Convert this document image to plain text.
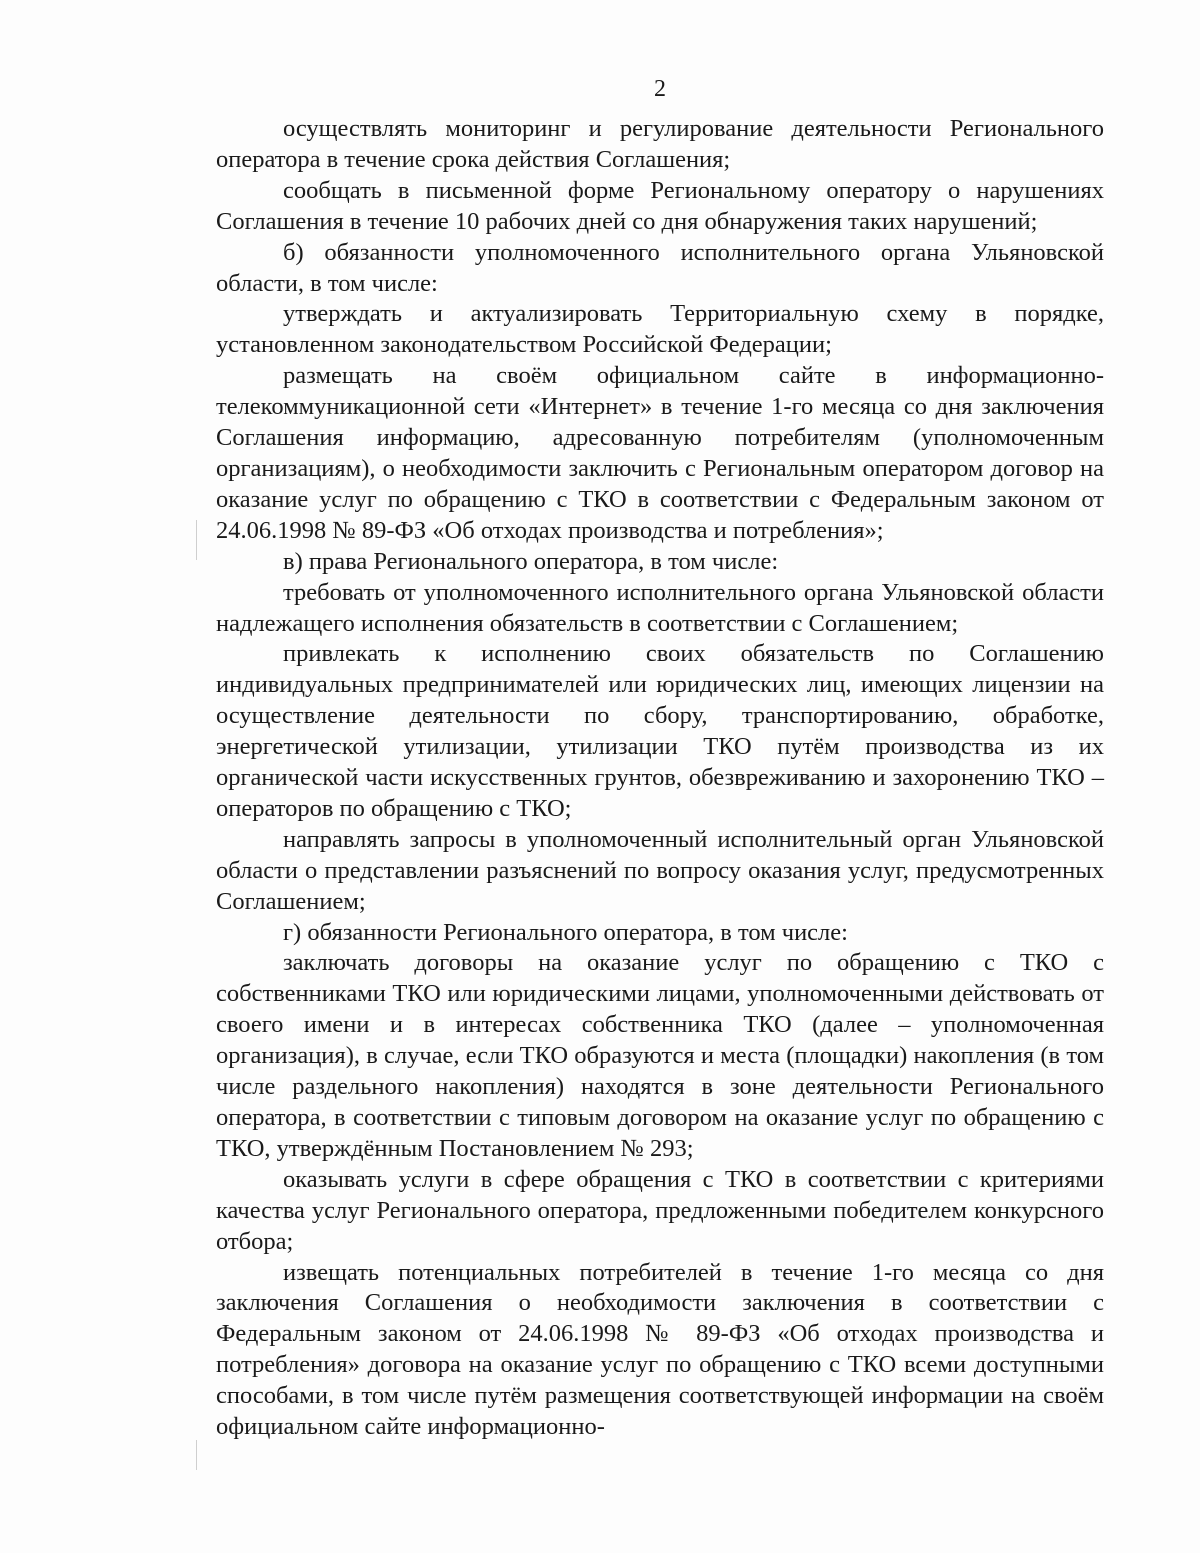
2

осуществлять мониторинг и регулирование деятельности Регионального оператора в течение срока действия Соглашения;

сообщать в письменной форме Региональному оператору о нарушениях Соглашения в течение 10 рабочих дней со дня обнаружения таких нарушений;

б) обязанности уполномоченного исполнительного органа Ульяновской области, в том числе:

утверждать и актуализировать Территориальную схему в порядке, установленном законодательством Российской Федерации;

размещать на своём официальном сайте в информационно-телекоммуникационной сети «Интернет» в течение 1-го месяца со дня заключения Соглашения информацию, адресованную потребителям (уполномоченным организациям), о необходимости заключить с Региональным оператором договор на оказание услуг по обращению с ТКО в соответствии с Федеральным законом от 24.06.1998 № 89-ФЗ «Об отходах производства и потребления»;

в) права Регионального оператора, в том числе:

требовать от уполномоченного исполнительного органа Ульяновской области надлежащего исполнения обязательств в соответствии с Соглашением;

привлекать к исполнению своих обязательств по Соглашению индивидуальных предпринимателей или юридических лиц, имеющих лицензии на осуществление деятельности по сбору, транспортированию, обработке, энергетической утилизации, утилизации ТКО путём производства из их органической части искусственных грунтов, обезвреживанию и захоронению ТКО – операторов по обращению с ТКО;

направлять запросы в уполномоченный исполнительный орган Ульяновской области о представлении разъяснений по вопросу оказания услуг, предусмотренных Соглашением;

г) обязанности Регионального оператора, в том числе:

заключать договоры на оказание услуг по обращению с ТКО с собственниками ТКО или юридическими лицами, уполномоченными действовать от своего имени и в интересах собственника ТКО (далее – уполномоченная организация), в случае, если ТКО образуются и места (площадки) накопления (в том числе раздельного накопления) находятся в зоне деятельности Регионального оператора, в соответствии с типовым договором на оказание услуг по обращению с ТКО, утверждённым Постановлением № 293;

оказывать услуги в сфере обращения с ТКО в соответствии с критериями качества услуг Регионального оператора, предложенными победителем конкурсного отбора;

извещать потенциальных потребителей в течение 1-го месяца со дня заключения Соглашения о необходимости заключения в соответствии с Федеральным законом от 24.06.1998 № 89-ФЗ «Об отходах производства и потребления» договора на оказание услуг по обращению с ТКО всеми доступными способами, в том числе путём размещения соответствующей информации на своём официальном сайте информационно-
